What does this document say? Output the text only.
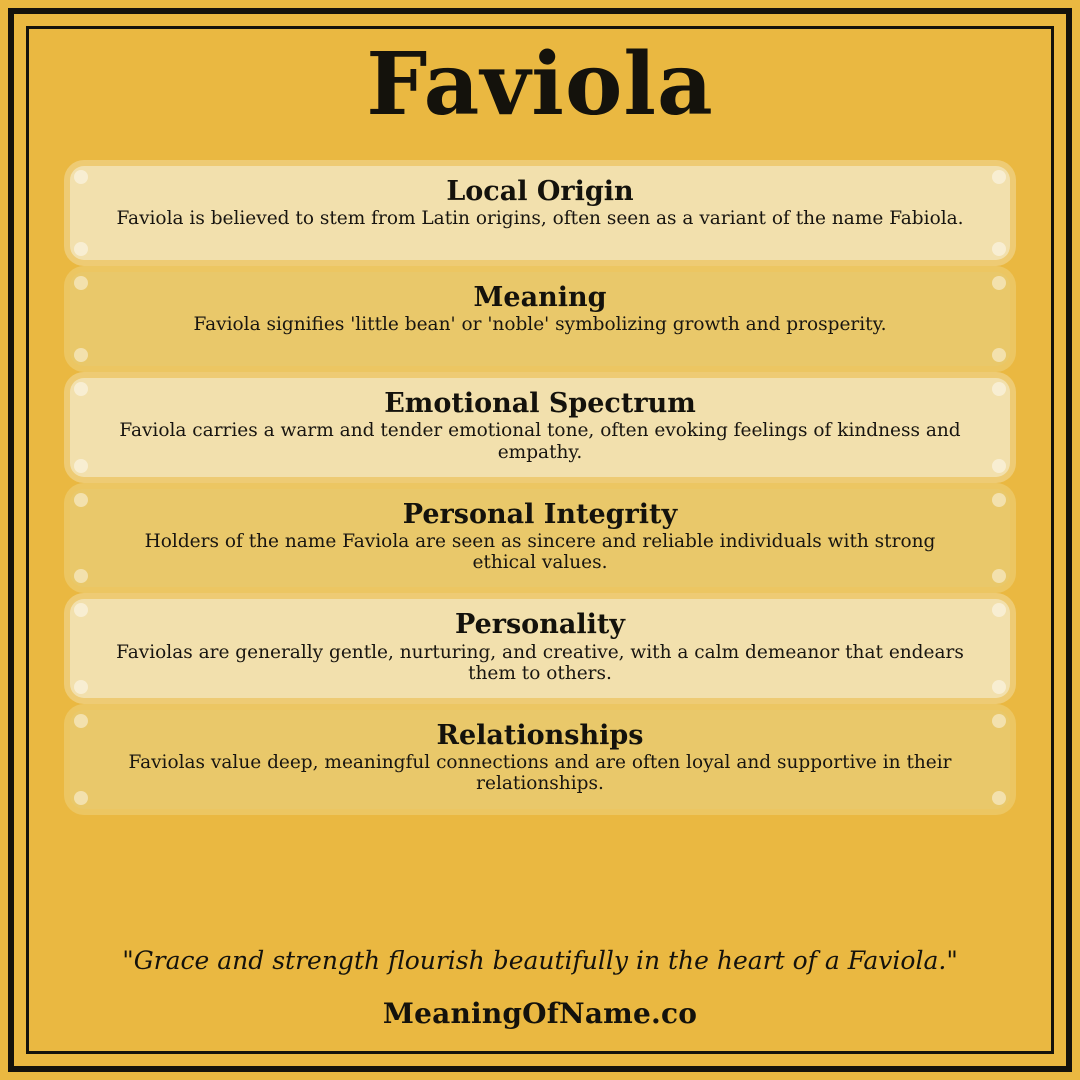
Faviola
Local Origin
Faviola is believed to stem from Latin origins, often seen as a variant of the name Fabiola.
Meaning
Faviola signifies 'little bean' or 'noble' symbolizing growth and prosperity.
Emotional Spectrum
Faviola carries a warm and tender emotional tone, often evoking feelings of kindness and empathy.
Personal Integrity
Holders of the name Faviola are seen as sincere and reliable individuals with strong ethical values.
Personality
Faviolas are generally gentle, nurturing, and creative, with a calm demeanor that endears them to others.
Relationships
Faviolas value deep, meaningful connections and are often loyal and supportive in their relationships.
"Grace and strength flourish beautifully in the heart of a Faviola."
MeaningOfName.co
